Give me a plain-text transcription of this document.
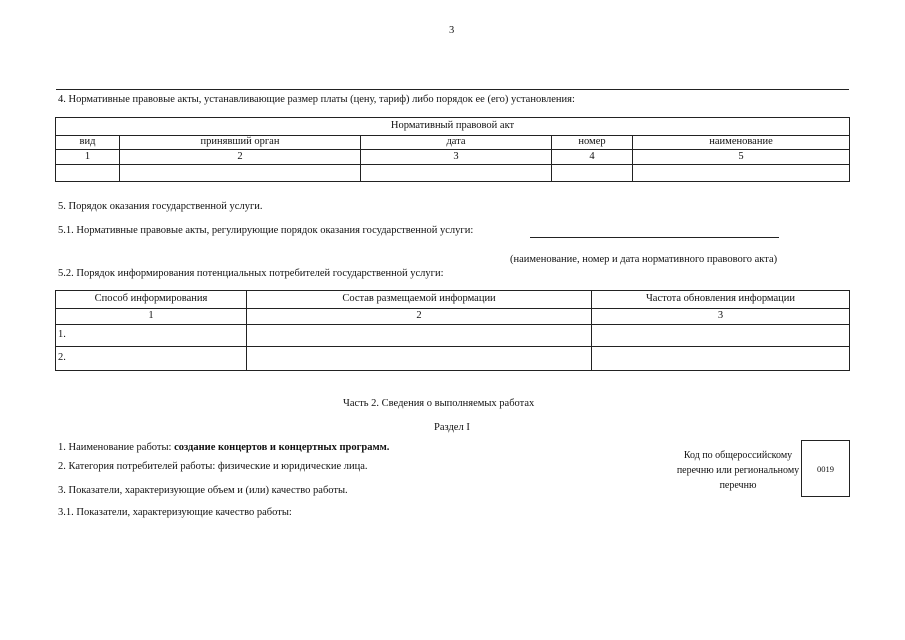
3
4. Нормативные правовые акты, устанавливающие размер платы (цену, тариф) либо порядок ее (его) установления:
Нормативный правовой акт				
вид	принявший орган	дата	номер	наименование
1	2	3	4	5

5. Порядок оказания государственной услуги.
5.1. Нормативные правовые акты, регулирующие порядок оказания государственной услуги:
(наименование, номер и дата нормативного правового акта)
5.2. Порядок информирования потенциальных потребителей государственной услуги:
Способ информирования	Состав размещаемой информации	Частота обновления информации
1	2	3
1.		
2.		
Часть 2. Сведения о выполняемых работах
Раздел I
1. Наименование работы: создание концертов и концертных программ.
2. Категория потребителей работы: физические и юридические лица.
3. Показатели, характеризующие объем и (или) качество работы.
3.1. Показатели, характеризующие качество работы:
Код по общероссийскому перечню или региональному перечню
0019
